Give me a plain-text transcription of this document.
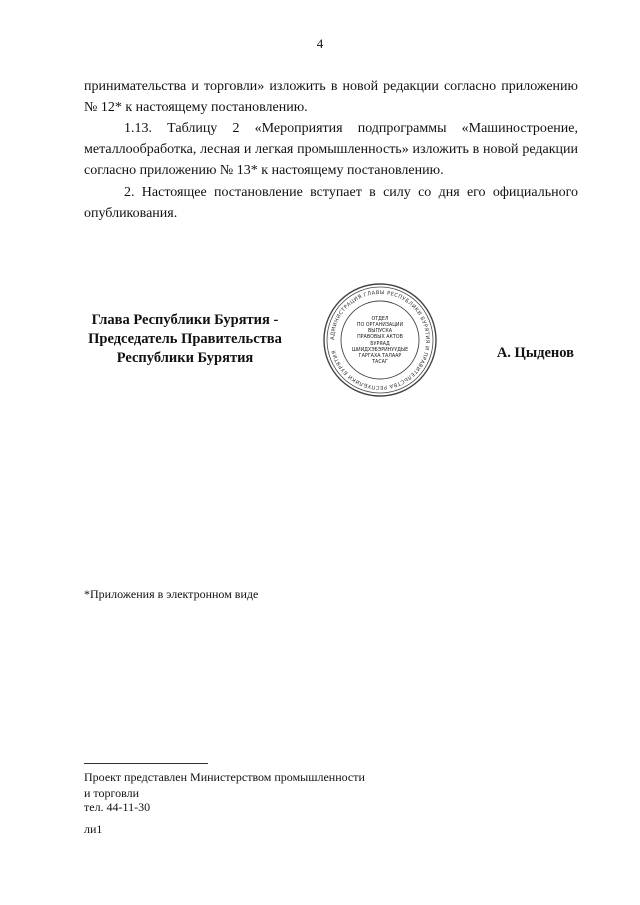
4

принимательства и торговли» изложить в новой редакции согласно приложению № 12* к настоящему постановлению.

1.13. Таблицу 2 «Мероприятия подпрограммы «Машиностроение, металлообработка, лесная и легкая промышленность» изложить в новой редакции согласно приложению № 13* к настоящему постановлению.

2. Настоящее постановление вступает в силу со дня его официального опубликования.

Глава Республики Бурятия -
Председатель Правительства
Республики Бурятия
АДМИНИСТРАЦИЯ ГЛАВЫ РЕСПУБЛИКИ БУРЯТИЯ И ПРАВИТЕЛЬСТВА РЕСПУБЛИКИ БУРЯТИЯ
ОТДЕЛ
ПО ОРГАНИЗАЦИИ
ВЫПУСКА
ПРАВОВЫХ АКТОВ
БУРЯАД
ШИИДХЭБЭРИНУУДЫЕ
ГАРГАХА ТАЛААР
ТАСАГ
А. Цыденов
*Приложения в электронном виде
Проект представлен Министерством промышленности
и торговли
тел. 44-11-30
ли1
